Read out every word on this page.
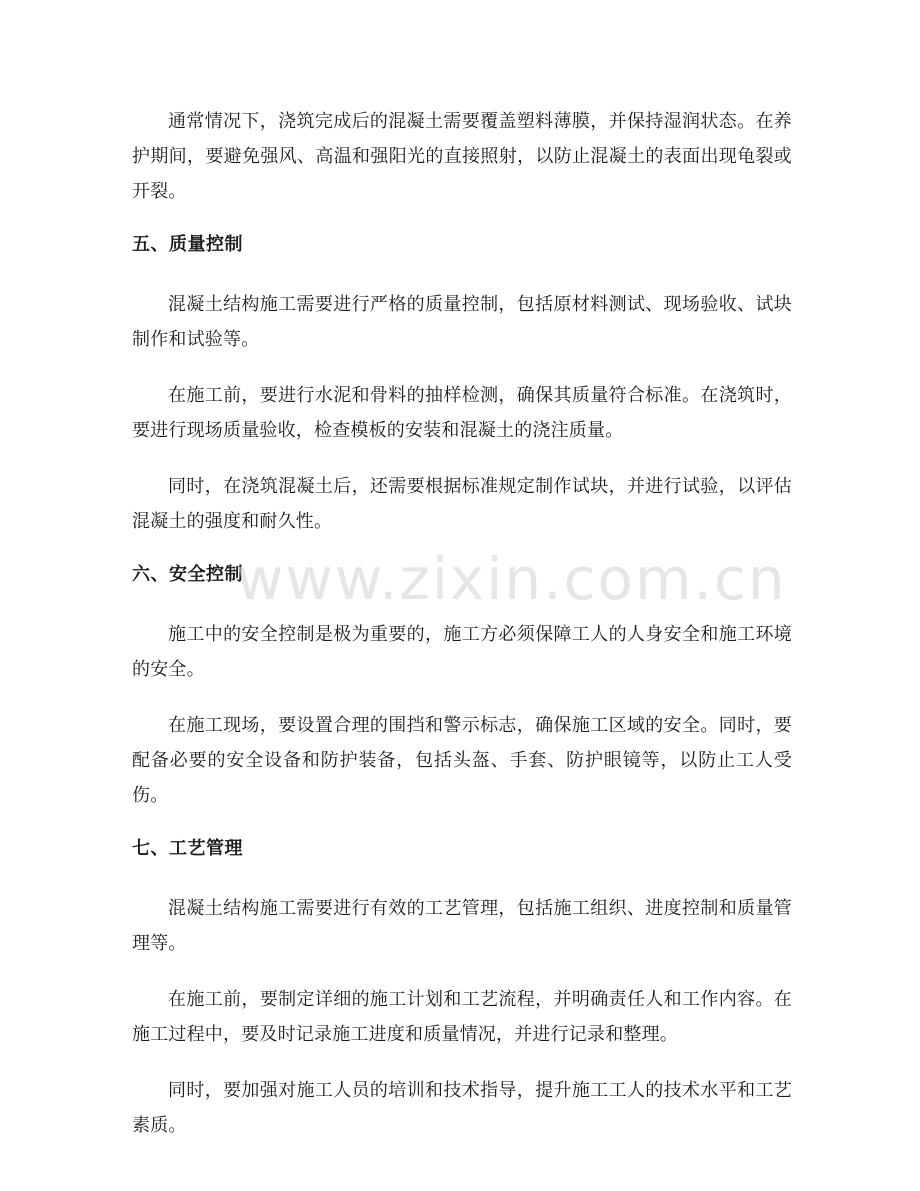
通常情况下，浇筑完成后的混凝土需要覆盖塑料薄膜，并保持湿润状态。在养护期间，要避免强风、高温和强阳光的直接照射，以防止混凝土的表面出现龟裂或开裂。

五、质量控制

混凝土结构施工需要进行严格的质量控制，包括原材料测试、现场验收、试块制作和试验等。

在施工前，要进行水泥和骨料的抽样检测，确保其质量符合标准。在浇筑时，要进行现场质量验收，检查模板的安装和混凝土的浇注质量。

同时，在浇筑混凝土后，还需要根据标准规定制作试块，并进行试验，以评估混凝土的强度和耐久性。

六、安全控制

施工中的安全控制是极为重要的，施工方必须保障工人的人身安全和施工环境的安全。

在施工现场，要设置合理的围挡和警示标志，确保施工区域的安全。同时，要配备必要的安全设备和防护装备，包括头盔、手套、防护眼镜等，以防止工人受伤。

七、工艺管理

混凝土结构施工需要进行有效的工艺管理，包括施工组织、进度控制和质量管理等。

在施工前，要制定详细的施工计划和工艺流程，并明确责任人和工作内容。在施工过程中，要及时记录施工进度和质量情况，并进行记录和整理。

同时，要加强对施工人员的培训和技术指导，提升施工工人的技术水平和工艺素质。

www.zixin.com.cn
